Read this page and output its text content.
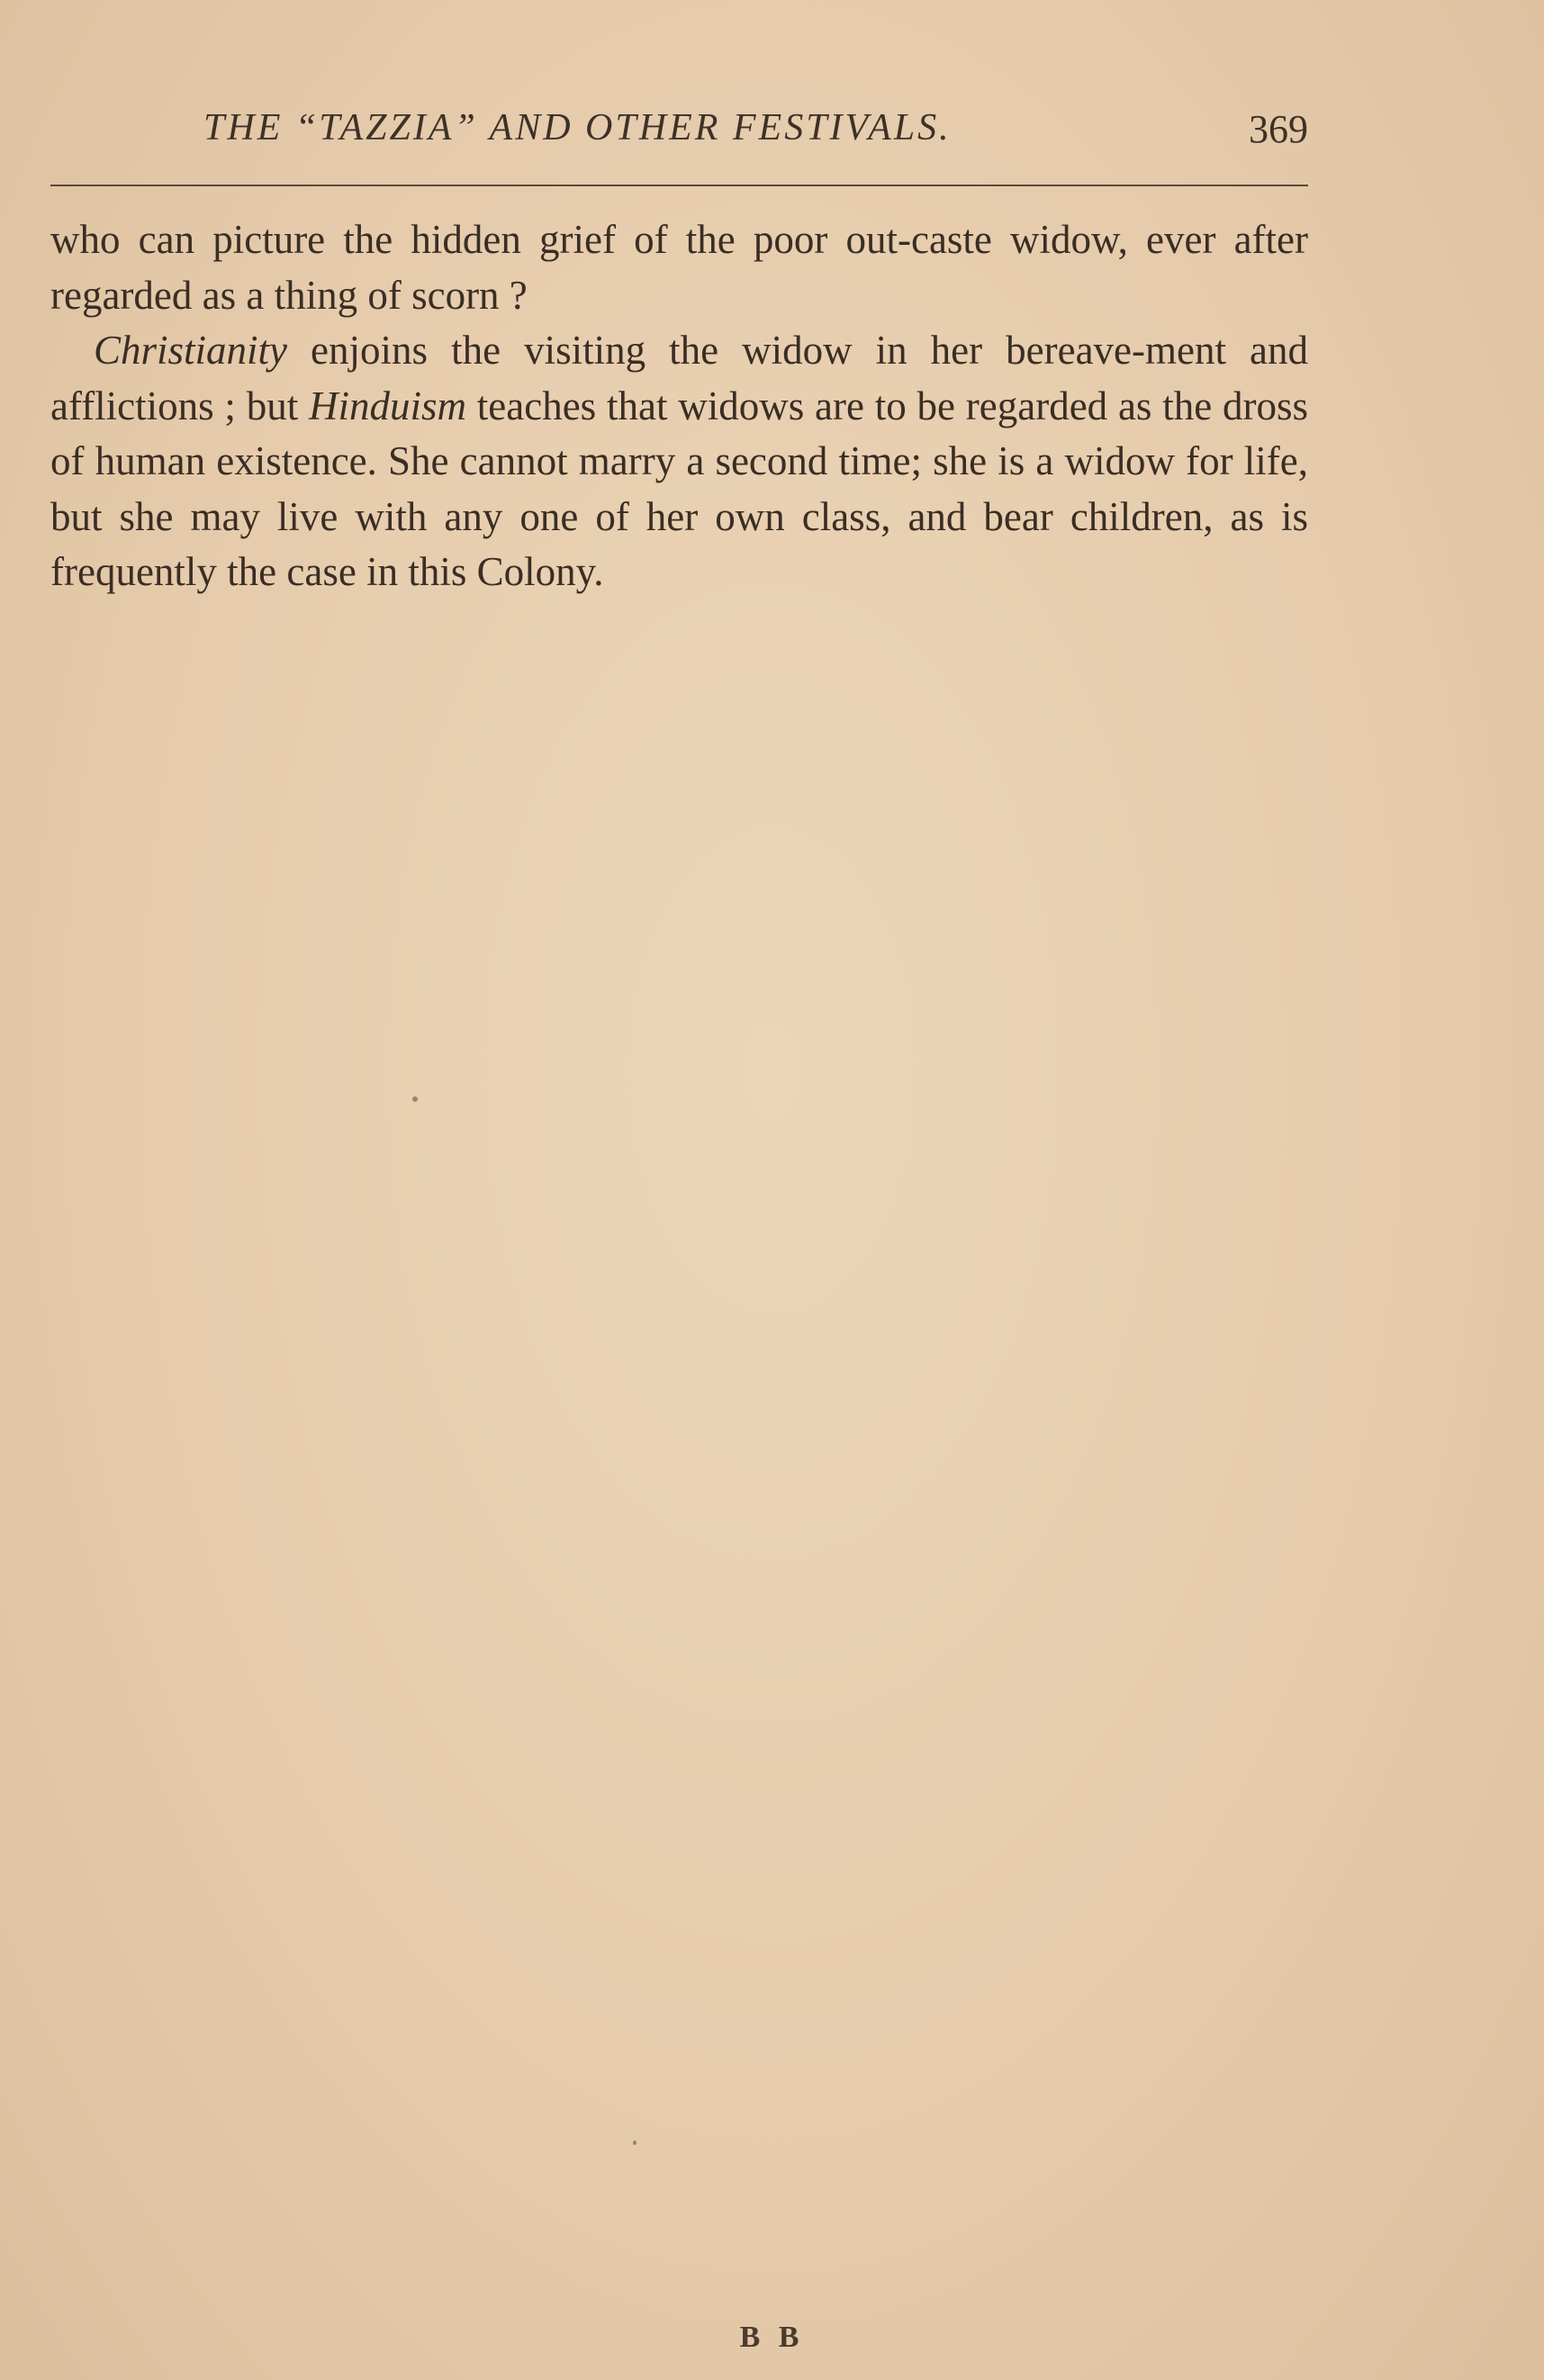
THE “TAZZIA” AND OTHER FESTIVALS.	369

who can picture the hidden grief of the poor out-caste widow, ever after regarded as a thing of scorn ?

Christianity enjoins the visiting the widow in her bereave-ment and afflictions ; but Hinduism teaches that widows are to be regarded as the dross of human existence. She cannot marry a second time; she is a widow for life, but she may live with any one of her own class, and bear children, as is frequently the case in this Colony.

B B
